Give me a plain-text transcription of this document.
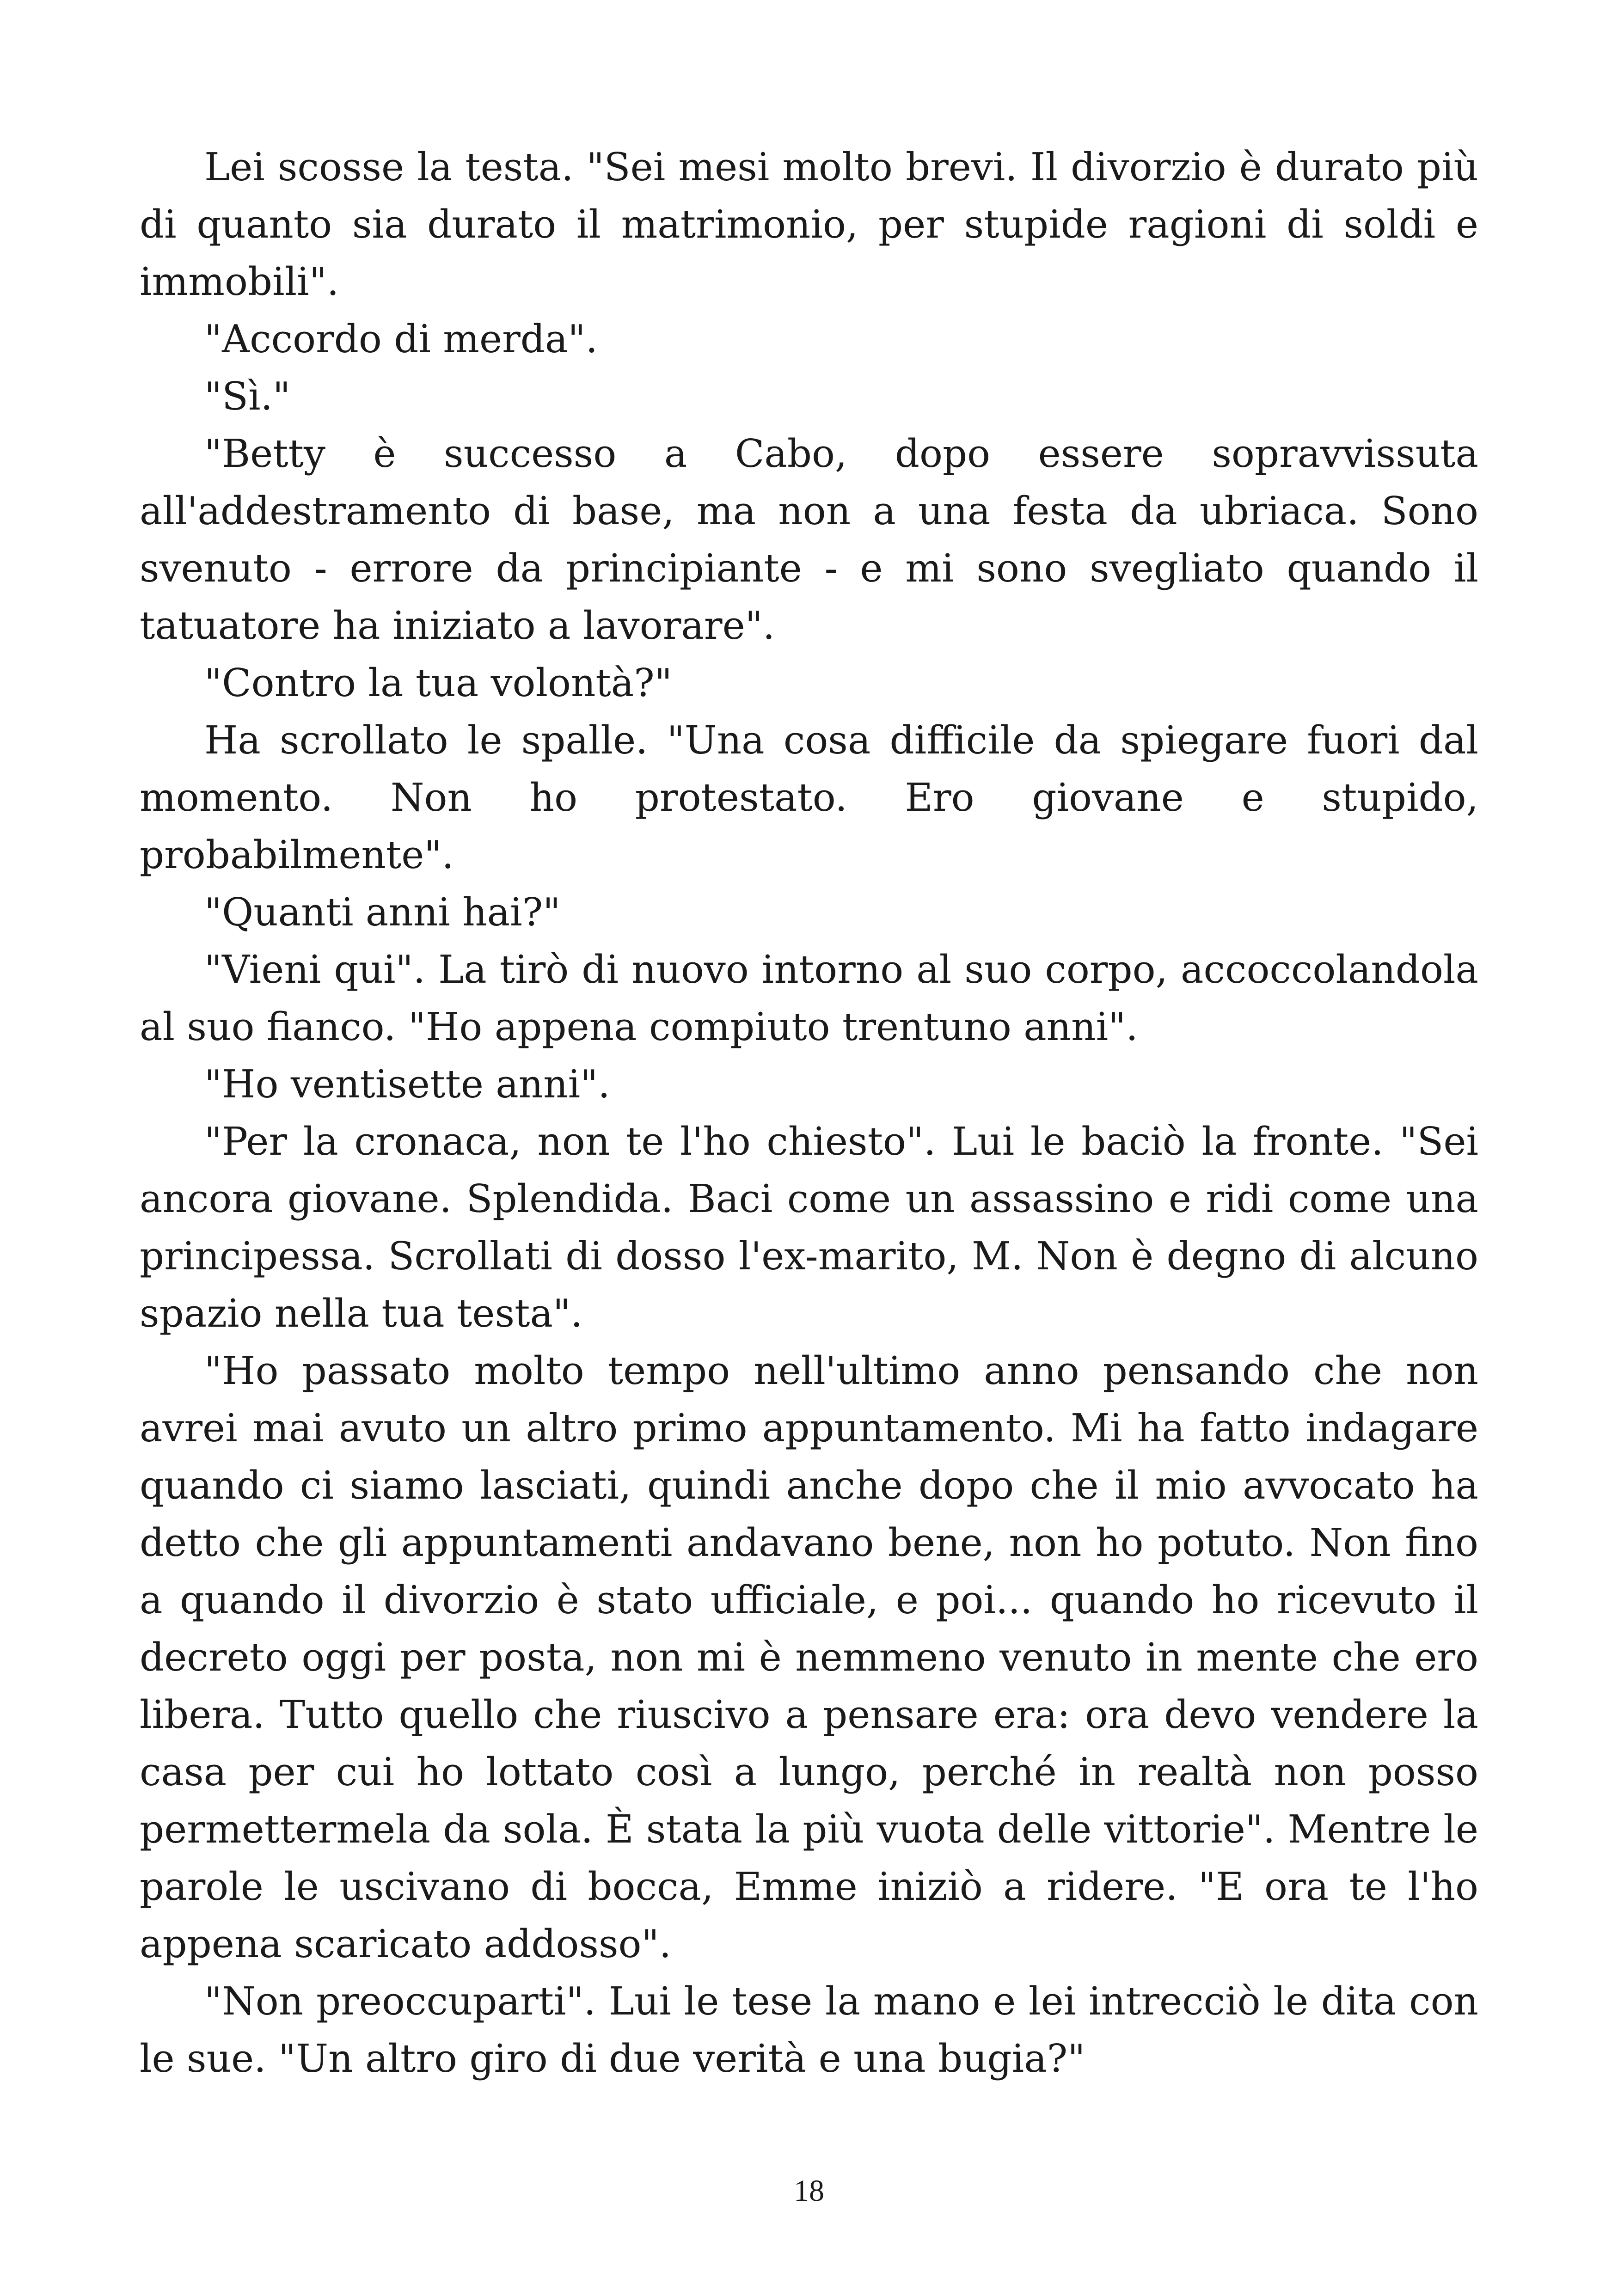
Lei scosse la testa. "Sei mesi molto brevi. Il divorzio è durato più di quanto sia durato il matrimonio, per stupide ragioni di soldi e immobili".

"Accordo di merda".

"Sì."

"Betty è successo a Cabo, dopo essere sopravvissuta all'addestramento di base, ma non a una festa da ubriaca. Sono svenuto - errore da principiante - e mi sono svegliato quando il tatuatore ha iniziato a lavorare".

"Contro la tua volontà?"

Ha scrollato le spalle. "Una cosa difficile da spiegare fuori dal momento. Non ho protestato. Ero giovane e stupido, probabilmente".

"Quanti anni hai?"

"Vieni qui". La tirò di nuovo intorno al suo corpo, accoccolandola al suo fianco. "Ho appena compiuto trentuno anni".

"Ho ventisette anni".

"Per la cronaca, non te l'ho chiesto". Lui le baciò la fronte. "Sei ancora giovane. Splendida. Baci come un assassino e ridi come una principessa. Scrollati di dosso l'ex-marito, M. Non è degno di alcuno spazio nella tua testa".

"Ho passato molto tempo nell'ultimo anno pensando che non avrei mai avuto un altro primo appuntamento. Mi ha fatto indagare quando ci siamo lasciati, quindi anche dopo che il mio avvocato ha detto che gli appuntamenti andavano bene, non ho potuto. Non fino a quando il divorzio è stato ufficiale, e poi... quando ho ricevuto il decreto oggi per posta, non mi è nemmeno venuto in mente che ero libera. Tutto quello che riuscivo a pensare era: ora devo vendere la casa per cui ho lottato così a lungo, perché in realtà non posso permettermela da sola. È stata la più vuota delle vittorie". Mentre le parole le uscivano di bocca, Emme iniziò a ridere. "E ora te l'ho appena scaricato addosso".

"Non preoccuparti". Lui le tese la mano e lei intrecciò le dita con le sue. "Un altro giro di due verità e una bugia?"

18
